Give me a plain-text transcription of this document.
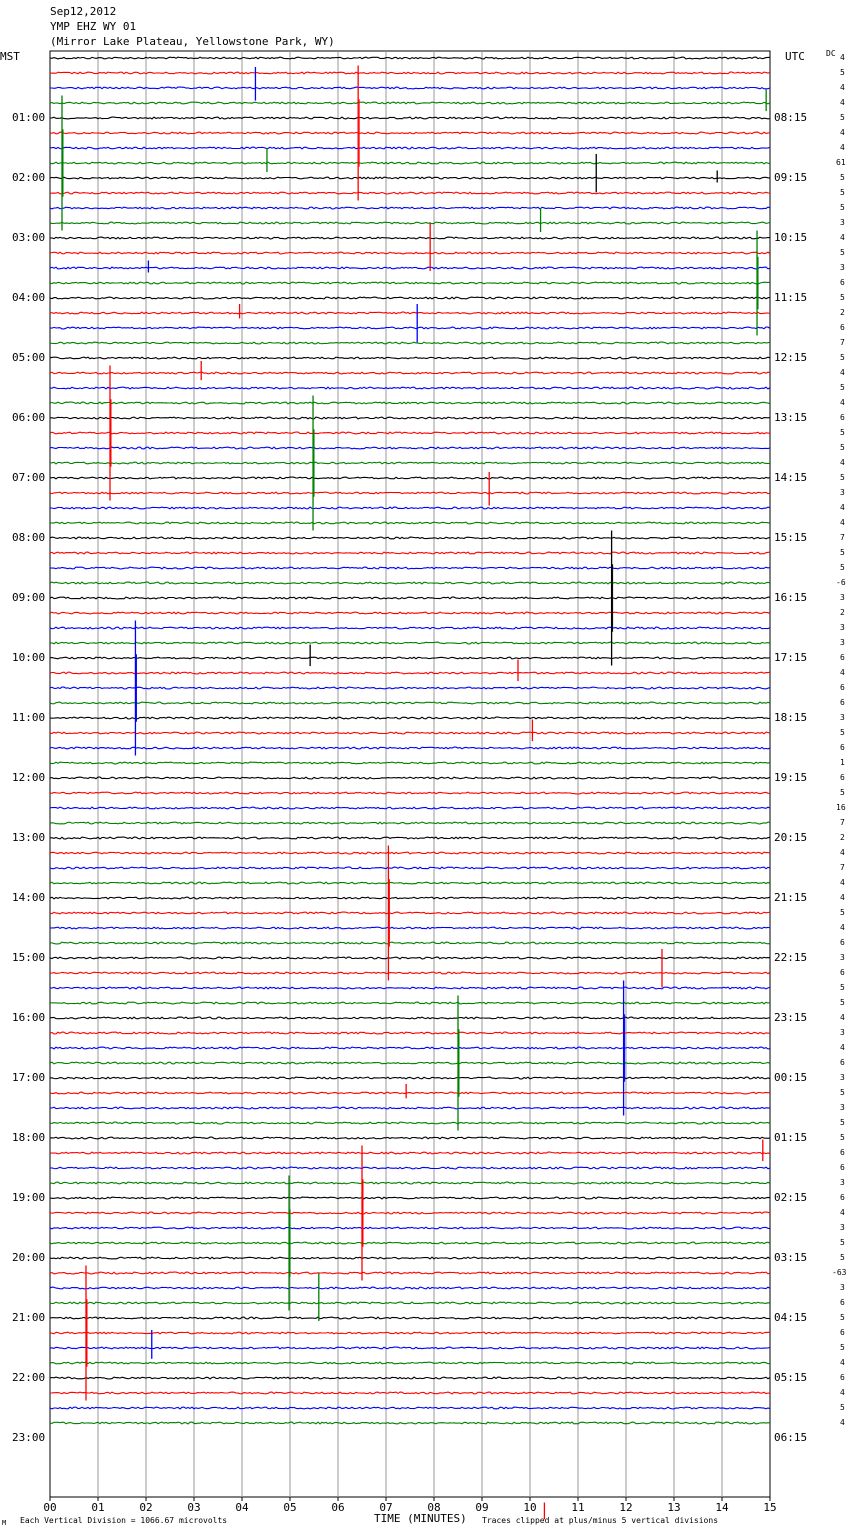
Sep12,2012
YMP EHZ WY 01
(Mirror Lake Plateau, Yellowstone Park, WY)
MST	UTC	DC 4
5
4
4
5
4
4
61
5
5
5
3
4
5
3
6
5
2
6
7
5
4
5
4
6
5
5
4
5
3
4
4
7
5
5
-6
3
2
3
3
6
4
6
6
3
5
6
1
6
5
16
7
2
4
7
4
4
5
4
6
3
6
5
5
4
3
4
6
3
5
3
5
5
6
6
3
6
4
3
5
5
-63
3
6
5
6
5
4
6
4
5
4
01:00	08:15
02:00	09:15
03:00	10:15
04:00	11:15
05:00	12:15
06:00	13:15
07:00	14:15
08:00	15:15
09:00	16:15
10:00	17:15
11:00	18:15
12:00	19:15
13:00	20:15
14:00	21:15
15:00	22:15
16:00	23:15
17:00	00:15
18:00	01:15
19:00	02:15
20:00	03:15
21:00	04:15
22:00	05:15
23:00	06:15
00	01	02	03	04	05	06	07	08	09	10	11	12	13	14	15
TIME (MINUTES)
M Each Vertical Division = 1066.67 microvolts	Traces clipped at plus/minus 5 vertical divisions
